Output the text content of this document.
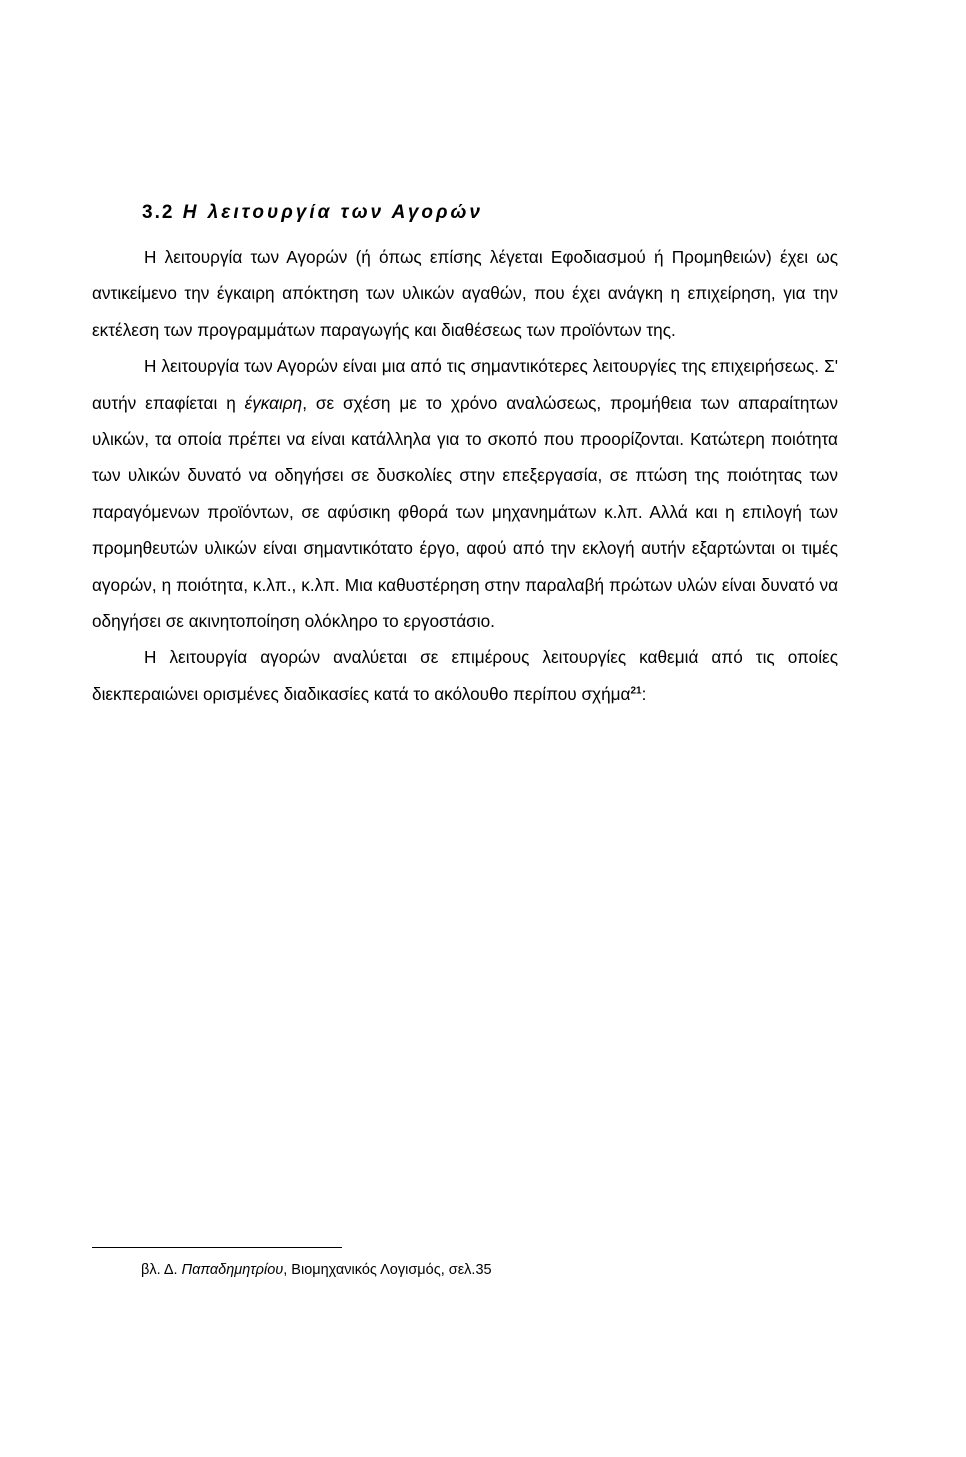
3.2 Η λειτουργία των Αγορών

Η λειτουργία των Αγορών (ή όπως επίσης λέγεται Εφοδιασμού ή Προμηθειών) έχει ως αντικείμενο την έγκαιρη απόκτηση των υλικών αγαθών, που έχει ανάγκη η επιχείρηση, για την εκτέλεση των προγραμμάτων παραγωγής και διαθέσεως των προϊόντων της.

Η λειτουργία των Αγορών είναι μια από τις σημαντικότερες λειτουργίες της επιχειρήσεως. Σ' αυτήν επαφίεται η έγκαιρη, σε σχέση με το χρόνο αναλώσεως, προμήθεια των απαραίτητων υλικών, τα οποία πρέπει να είναι κατάλληλα για το σκοπό που προορίζονται. Κατώτερη ποιότητα των υλικών δυνατό να οδηγήσει σε δυσκολίες στην επεξεργασία, σε πτώση της ποιότητας των παραγόμενων προϊόντων, σε αφύσικη φθορά των μηχανημάτων κ.λπ. Αλλά και η επιλογή των προμηθευτών υλικών είναι σημαντικότατο έργο, αφού από την εκλογή αυτήν εξαρτώνται οι τιμές αγορών, η ποιότητα, κ.λπ., κ.λπ. Μια καθυστέρηση στην παραλαβή πρώτων υλών είναι δυνατό να οδηγήσει σε ακινητοποίηση ολόκληρο το εργοστάσιο.

Η λειτουργία αγορών αναλύεται σε επιμέρους λειτουργίες καθεμιά από τις οποίες διεκπεραιώνει ορισμένες διαδικασίες κατά το ακόλουθο περίπου σχήμα$^{21}$:

βλ. Δ. Παπαδημητρίου, Βιομηχανικός Λογισμός, σελ.35
